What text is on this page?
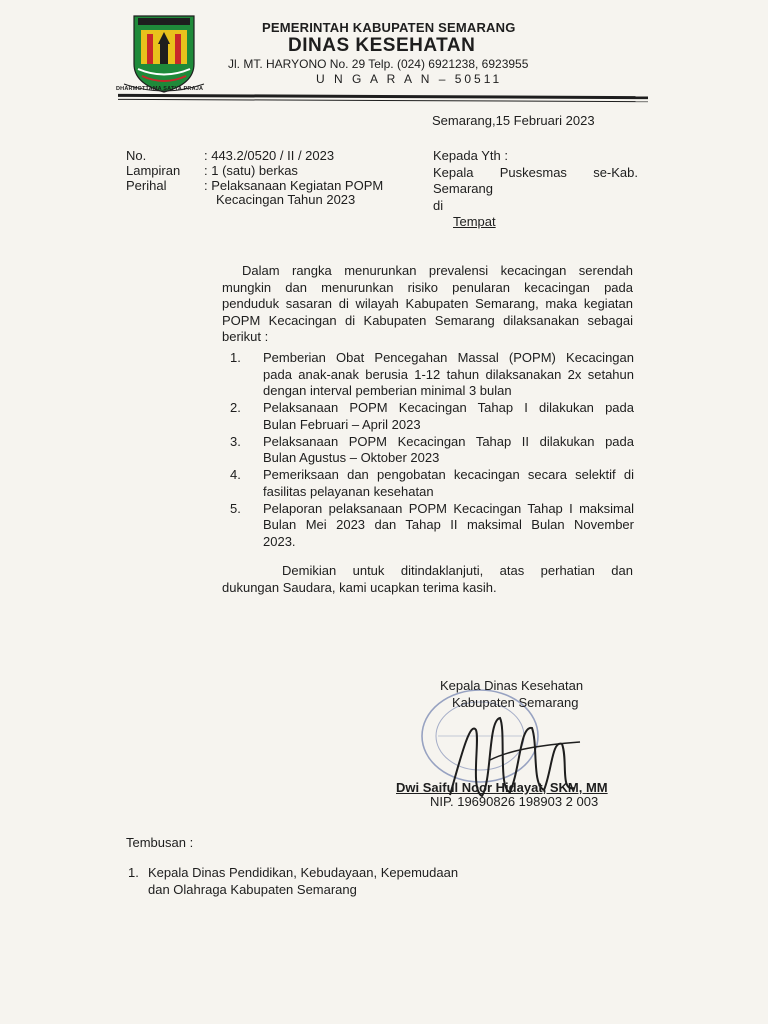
DHARMOTTAMA SATYA PRAJA
PEMERINTAH KABUPATEN SEMARANG
DINAS KESEHATAN
Jl. MT. HARYONO No. 29 Telp. (024) 6921238, 6923955
U N G A R A N – 50511
Semarang,15 Februari 2023
No.	: 443.2/0520 / II / 2023
Lampiran : 1 (satu) berkas
Perihal	: Pelaksanaan Kegiatan POPM
Kecacingan Tahun 2023
Kepada Yth :
Kepala Puskesmas se-Kab.
Semarang
di
Tempat
Dalam rangka menurunkan prevalensi kecacingan serendah
mungkin dan menurunkan risiko penularan kecacingan pada
penduduk sasaran di wilayah Kabupaten Semarang, maka kegiatan
POPM Kecacingan di Kabupaten Semarang dilaksanakan sebagai
berikut :
1. Pemberian Obat Pencegahan Massal (POPM) Kecacingan
pada anak-anak berusia 1-12 tahun dilaksanakan 2x setahun
dengan interval pemberian minimal 3 bulan
2. Pelaksanaan POPM Kecacingan Tahap I dilakukan pada
Bulan Februari – April 2023
3. Pelaksanaan POPM Kecacingan Tahap II dilakukan pada
Bulan Agustus – Oktober 2023
4. Pemeriksaan dan pengobatan kecacingan secara selektif di
fasilitas pelayanan kesehatan
5. Pelaporan pelaksanaan POPM Kecacingan Tahap I maksimal
Bulan Mei 2023 dan Tahap II maksimal Bulan November
2023.
Demikian untuk ditindaklanjuti, atas perhatian dan
dukungan Saudara, kami ucapkan terima kasih.
Kepala Dinas Kesehatan
Kabupaten Semarang
Dwi Saiful Noor Hidayat, SKM, MM
NIP. 19690826 198903 2 003
Tembusan :
1. Kepala Dinas Pendidikan, Kebudayaan, Kepemudaan
dan Olahraga Kabupaten Semarang
